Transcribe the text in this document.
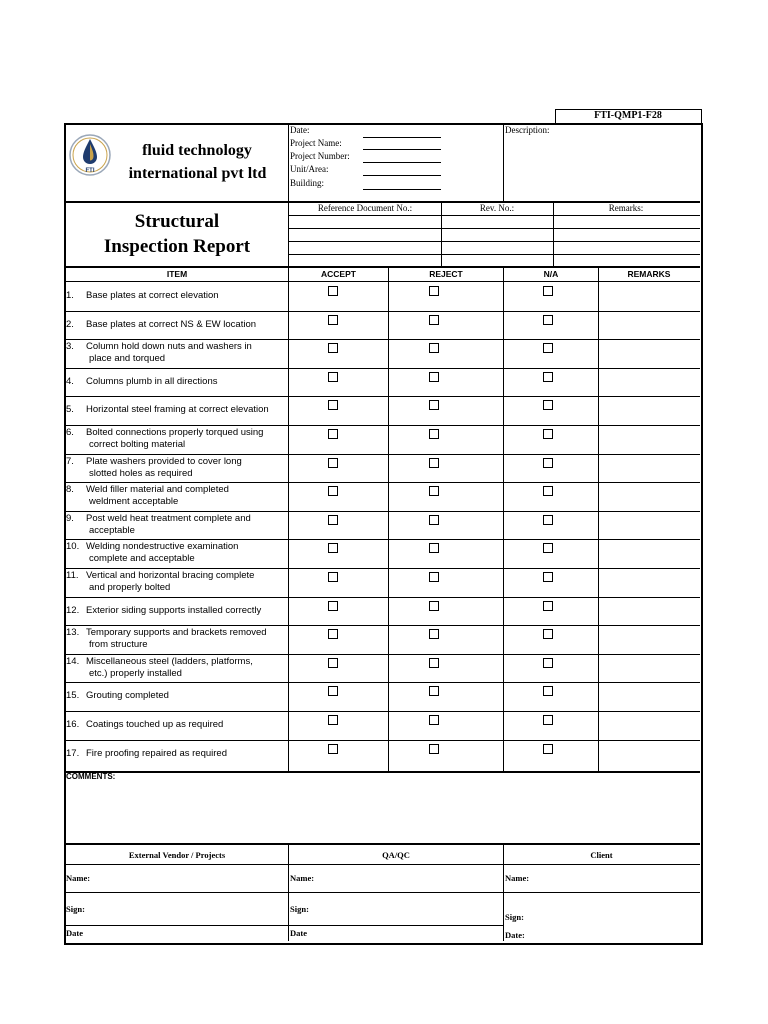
FTI-QMP1-F28
FTI
fluid technology
international pvt ltd
Date:
Project Name:
Project Number:
Unit/Area:
Building:
Description:
Structural
Inspection Report
Reference Document No.:	Rev. No.:	Remarks:
ITEM	ACCEPT	REJECT	N/A	REMARKS
1. Base plates at correct elevation
2. Base plates at correct NS & EW location
3. Column hold down nuts and washers in
place and torqued
4. Columns plumb in all directions
5. Horizontal steel framing at correct elevation
6. Bolted connections properly torqued using
correct bolting material
7. Plate washers provided to cover long
slotted holes as required
8. Weld filler material and completed
weldment acceptable
9. Post weld heat treatment complete and
acceptable
10. Welding nondestructive examination
complete and acceptable
11. Vertical and horizontal bracing complete
and properly bolted
12. Exterior siding supports installed correctly
13. Temporary supports and brackets removed
from structure
14. Miscellaneous steel (ladders, platforms,
etc.) properly installed
15. Grouting completed
16. Coatings touched up as required
17. Fire proofing repaired as required
COMMENTS:
External Vendor / Projects	QA/QC	Client
Name:	Name:	Name:
Sign:	Sign:
Sign:
Date	Date	Date:
